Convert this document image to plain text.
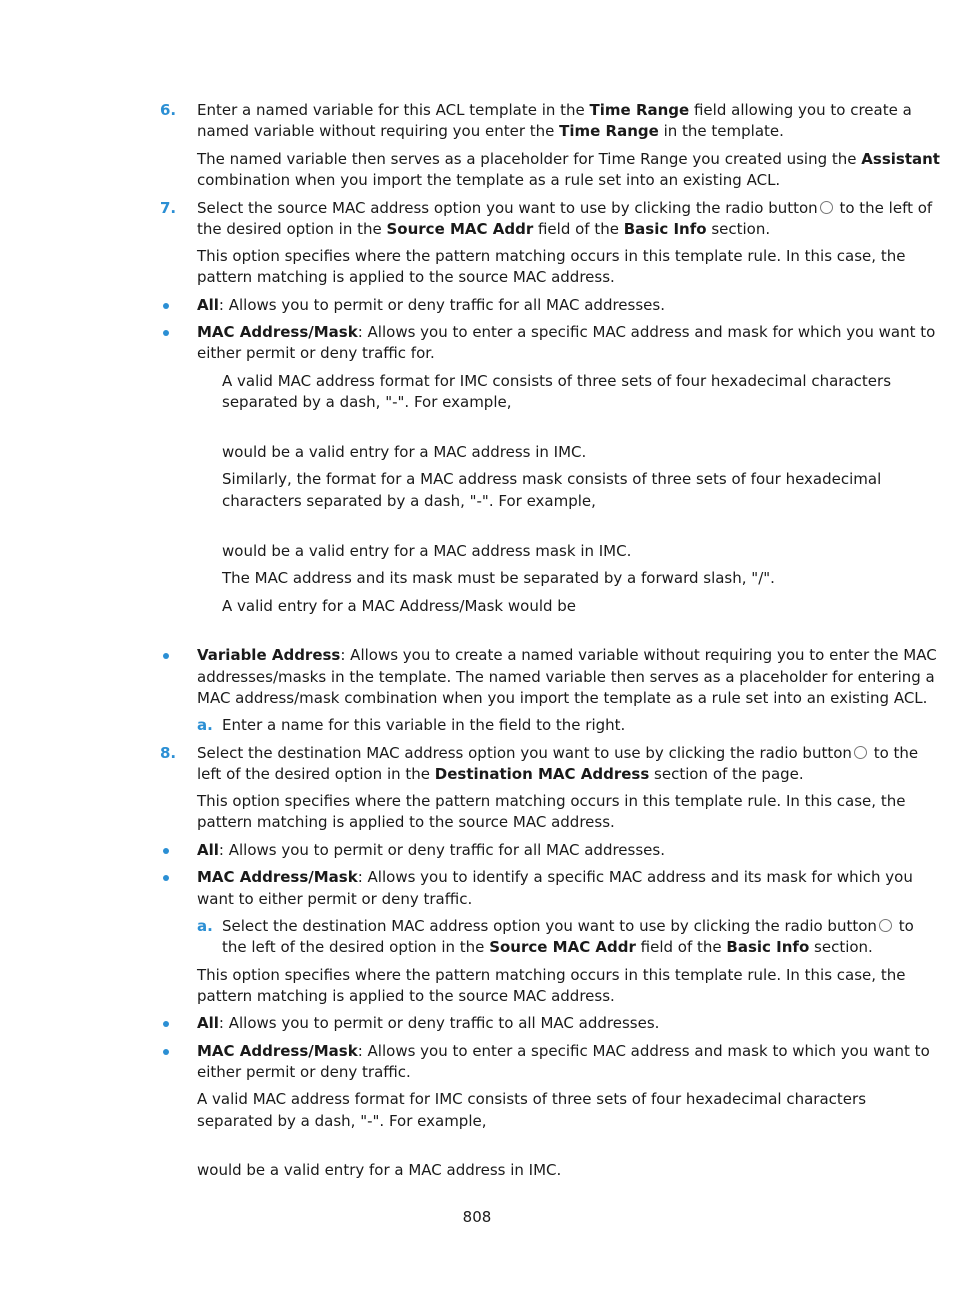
6. Enter a named variable for this ACL template in the Time Range field allowing you to create a
named variable without requiring you enter the Time Range in the template.
The named variable then serves as a placeholder for Time Range you created using the Assistant
combination when you import the template as a rule set into an existing ACL.
7. Select the source MAC address option you want to use by clicking the radio button to the left of
the desired option in the Source MAC Addr field of the Basic Info section.
This option specifies where the pattern matching occurs in this template rule. In this case, the
pattern matching is applied to the source MAC address.
All: Allows you to permit or deny traffic for all MAC addresses.
MAC Address/Mask: Allows you to enter a specific MAC address and mask for which you want to
either permit or deny traffic for.
A valid MAC address format for IMC consists of three sets of four hexadecimal characters
separated by a dash, "-". For example,
would be a valid entry for a MAC address in IMC.
Similarly, the format for a MAC address mask consists of three sets of four hexadecimal
characters separated by a dash, "-". For example,
would be a valid entry for a MAC address mask in IMC.
The MAC address and its mask must be separated by a forward slash, "/".
A valid entry for a MAC Address/Mask would be
Variable Address: Allows you to create a named variable without requiring you to enter the MAC
addresses/masks in the template. The named variable then serves as a placeholder for entering a
MAC address/mask combination when you import the template as a rule set into an existing ACL.
a. Enter a name for this variable in the field to the right.
8. Select the destination MAC address option you want to use by clicking the radio button to the
left of the desired option in the Destination MAC Address section of the page.
This option specifies where the pattern matching occurs in this template rule. In this case, the
pattern matching is applied to the source MAC address.
All: Allows you to permit or deny traffic for all MAC addresses.
MAC Address/Mask: Allows you to identify a specific MAC address and its mask for which you
want to either permit or deny traffic.
a. Select the destination MAC address option you want to use by clicking the radio button to
the left of the desired option in the Source MAC Addr field of the Basic Info section.
This option specifies where the pattern matching occurs in this template rule. In this case, the
pattern matching is applied to the source MAC address.
All: Allows you to permit or deny traffic to all MAC addresses.
MAC Address/Mask: Allows you to enter a specific MAC address and mask to which you want to
either permit or deny traffic.
A valid MAC address format for IMC consists of three sets of four hexadecimal characters
separated by a dash, "-". For example,
would be a valid entry for a MAC address in IMC.
808
